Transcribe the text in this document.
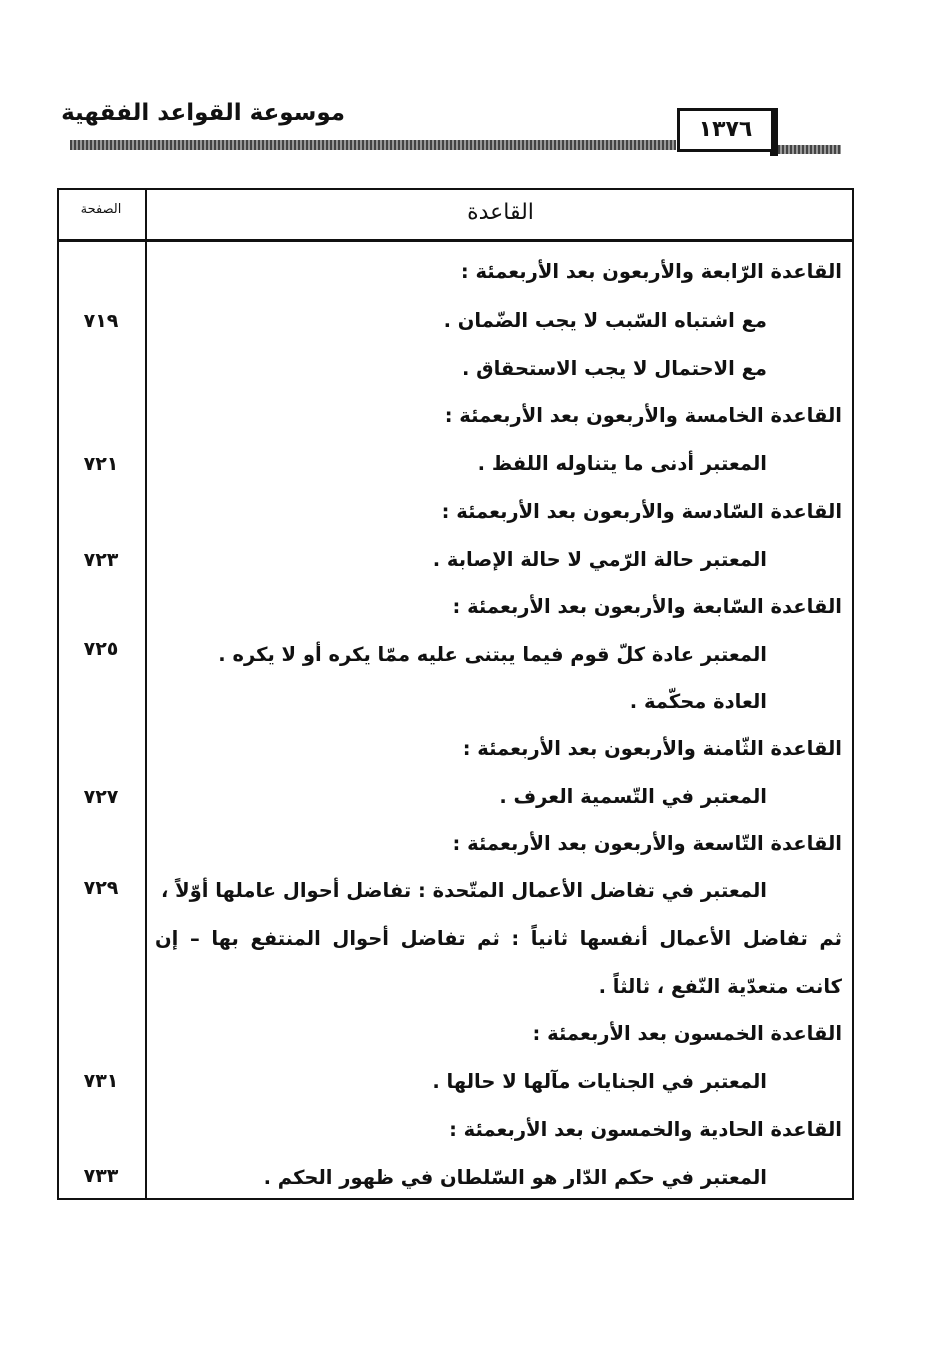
موسوعة القواعد الفقهية
١٣٧٦
الصفحة	القاعدة
القاعدة الرّابعة والأربعون بعد الأربعمئة :
مع اشتباه السّبب لا يجب الضّمان .
مع الاحتمال لا يجب الاستحقاق .
القاعدة الخامسة والأربعون بعد الأربعمئة :
المعتبر أدنى ما يتناوله اللفظ .
القاعدة السّادسة والأربعون بعد الأربعمئة :
المعتبر حالة الرّمي لا حالة الإصابة .
القاعدة السّابعة والأربعون بعد الأربعمئة :
المعتبر عادة كلّ قوم فيما يبتنى عليه ممّا يكره أو لا يكره .
العادة محكّمة .
القاعدة الثّامنة والأربعون بعد الأربعمئة :
المعتبر في التّسمية العرف .
القاعدة التّاسعة والأربعون بعد الأربعمئة :
المعتبر في تفاضل الأعمال المتّحدة : تفاضل أحوال عاملها أوّلاً ،
ثم تفاضل الأعمال أنفسها ثانياً : ثم تفاضل أحوال المنتفع بها – إن
كانت متعدّية النّفع ، ثالثاً .
القاعدة الخمسون بعد الأربعمئة :
المعتبر في الجنايات مآلها لا حالها .
القاعدة الحادية والخمسون بعد الأربعمئة :
المعتبر في حكم الدّار هو السّلطان في ظهور الحكم .
٧١٩
٧٢١
٧٢٣
٧٢٥
٧٢٧
٧٢٩
٧٣١
٧٣٣
